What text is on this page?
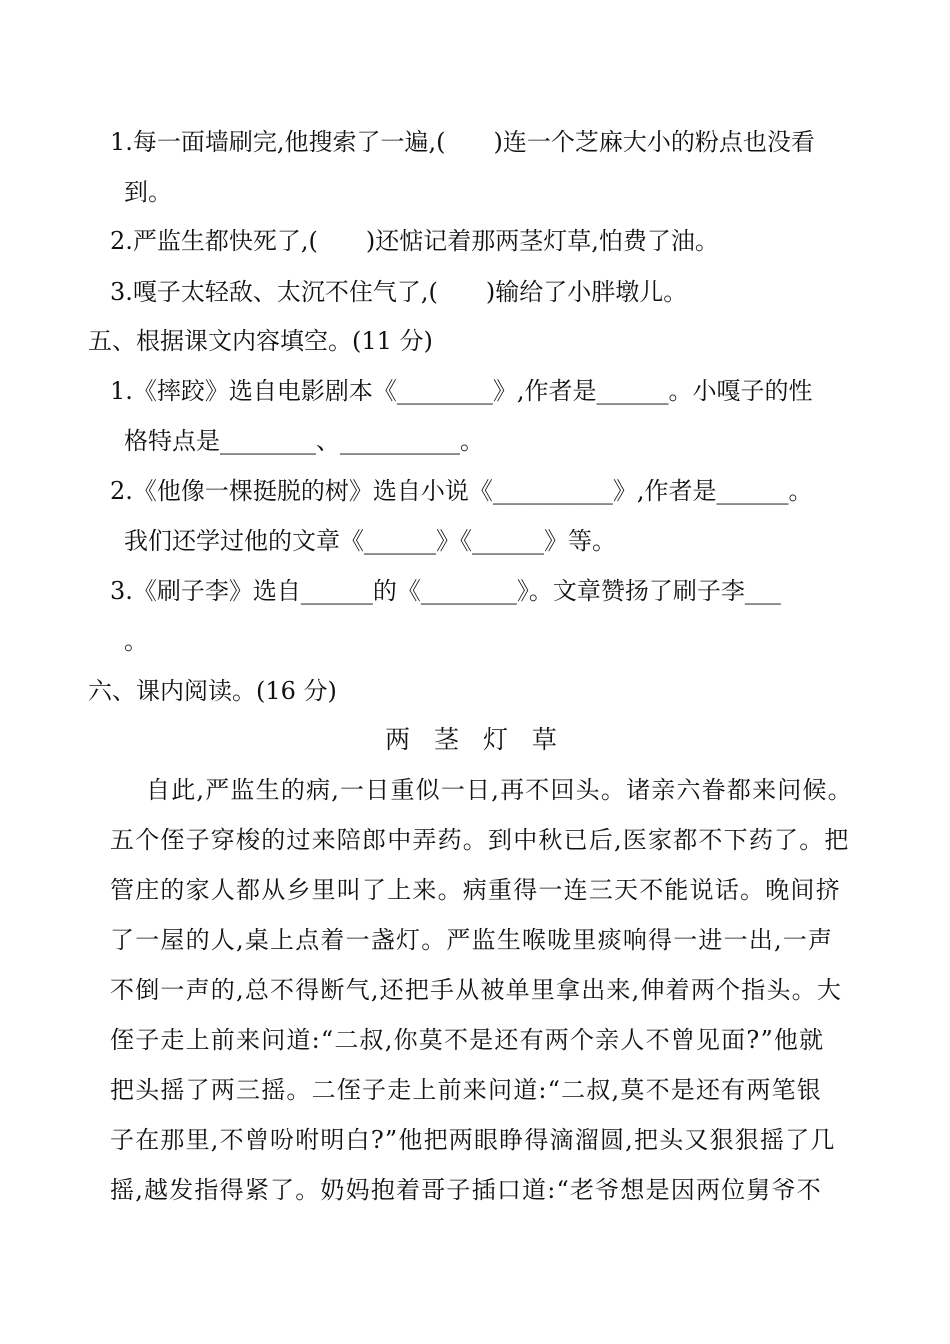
1.每一面墙刷完,他搜索了一遍,(　　)连一个芝麻大小的粉点也没看
到。
2.严监生都快死了,(　　)还惦记着那两茎灯草,怕费了油。
3.嘎子太轻敌、太沉不住气了,(　　)输给了小胖墩儿。
五、根据课文内容填空。(11 分)
1.《摔跤》选自电影剧本《________》,作者是______。小嘎子的性
格特点是________、__________。
2.《他像一棵挺脱的树》选自小说《__________》,作者是______。
我们还学过他的文章《______》《______》等。
3.《刷子李》选自______的《________》。文章赞扬了刷子李___
。
六、课内阅读。(16 分)
两 茎 灯 草
自此,严监生的病,一日重似一日,再不回头。诸亲六眷都来问候。
五个侄子穿梭的过来陪郎中弄药。到中秋已后,医家都不下药了。把
管庄的家人都从乡里叫了上来。病重得一连三天不能说话。晚间挤
了一屋的人,桌上点着一盏灯。严监生喉咙里痰响得一进一出,一声
不倒一声的,总不得断气,还把手从被单里拿出来,伸着两个指头。大
侄子走上前来问道:“二叔,你莫不是还有两个亲人不曾见面?”他就
把头摇了两三摇。二侄子走上前来问道:“二叔,莫不是还有两笔银
子在那里,不曾吩咐明白?”他把两眼睁得滴溜圆,把头又狠狠摇了几
摇,越发指得紧了。奶妈抱着哥子插口道:“老爷想是因两位舅爷不
